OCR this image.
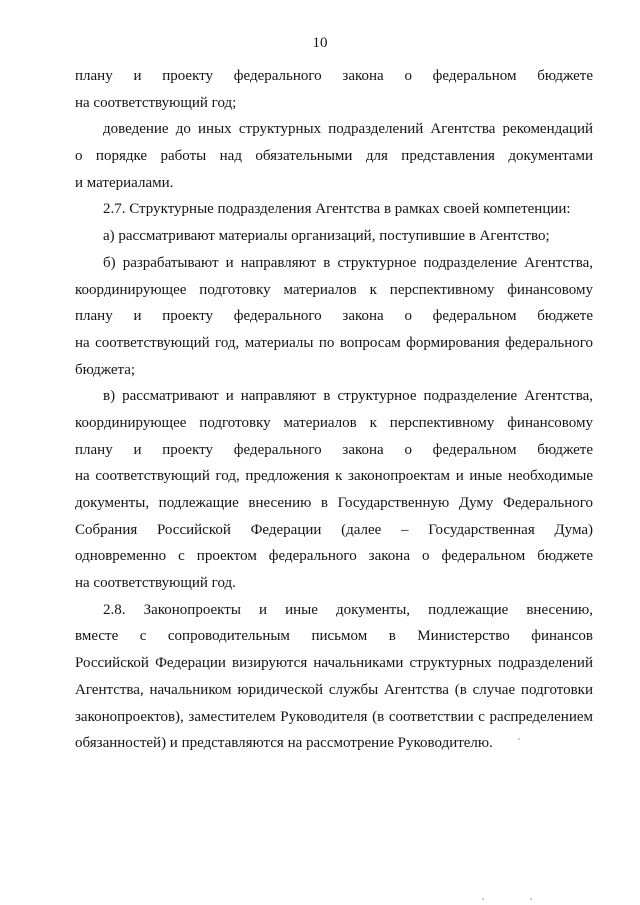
10
плану и проекту федерального закона о федеральном бюджете
на соответствующий год;
доведение до иных структурных подразделений Агентства рекомендаций
о порядке работы над обязательными для представления документами
и материалами.
2.7. Структурные подразделения Агентства в рамках своей компетенции:
а) рассматривают материалы организаций, поступившие в Агентство;
б) разрабатывают и направляют в структурное подразделение Агентства,
координирующее подготовку материалов к перспективному финансовому
плану и проекту федерального закона о федеральном бюджете
на соответствующий год, материалы по вопросам формирования федерального
бюджета;
в) рассматривают и направляют в структурное подразделение Агентства,
координирующее подготовку материалов к перспективному финансовому
плану и проекту федерального закона о федеральном бюджете
на соответствующий год, предложения к законопроектам и иные необходимые
документы, подлежащие внесению в Государственную Думу Федерального
Собрания Российской Федерации (далее – Государственная Дума)
одновременно с проектом федерального закона о федеральном бюджете
на соответствующий год.
2.8. Законопроекты и иные документы, подлежащие внесению,
вместе с сопроводительным письмом в Министерство финансов
Российской Федерации визируются начальниками структурных подразделений
Агентства, начальником юридической службы Агентства (в случае подготовки
законопроектов), заместителем Руководителя (в соответствии с распределением
обязанностей) и представляются на рассмотрение Руководителю.
